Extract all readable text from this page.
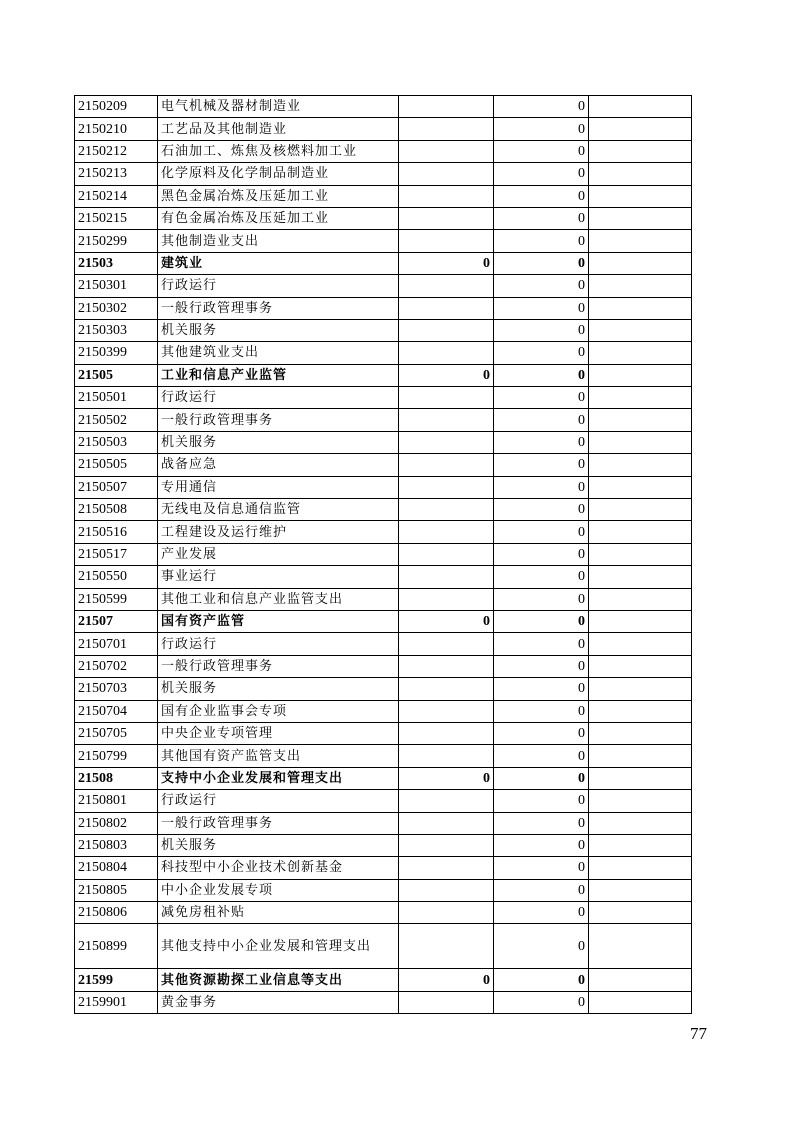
2150209	电气机械及器材制造业		0	
2150210	工艺品及其他制造业		0	
2150212	石油加工、炼焦及核燃料加工业		0	
2150213	化学原料及化学制品制造业		0	
2150214	黑色金属冶炼及压延加工业		0	
2150215	有色金属冶炼及压延加工业		0	
2150299	其他制造业支出		0	
21503	建筑业	0	0	
2150301	行政运行		0	
2150302	一般行政管理事务		0	
2150303	机关服务		0	
2150399	其他建筑业支出		0	
21505	工业和信息产业监管	0	0	
2150501	行政运行		0	
2150502	一般行政管理事务		0	
2150503	机关服务		0	
2150505	战备应急		0	
2150507	专用通信		0	
2150508	无线电及信息通信监管		0	
2150516	工程建设及运行维护		0	
2150517	产业发展		0	
2150550	事业运行		0	
2150599	其他工业和信息产业监管支出		0	
21507	国有资产监管	0	0	
2150701	行政运行		0	
2150702	一般行政管理事务		0	
2150703	机关服务		0	
2150704	国有企业监事会专项		0	
2150705	中央企业专项管理		0	
2150799	其他国有资产监管支出		0	
21508	支持中小企业发展和管理支出	0	0	
2150801	行政运行		0	
2150802	一般行政管理事务		0	
2150803	机关服务		0	
2150804	科技型中小企业技术创新基金		0	
2150805	中小企业发展专项		0	
2150806	减免房租补贴		0	
2150899	其他支持中小企业发展和管理支出		0	
21599	其他资源勘探工业信息等支出	0	0	
2159901	黄金事务		0	
77
